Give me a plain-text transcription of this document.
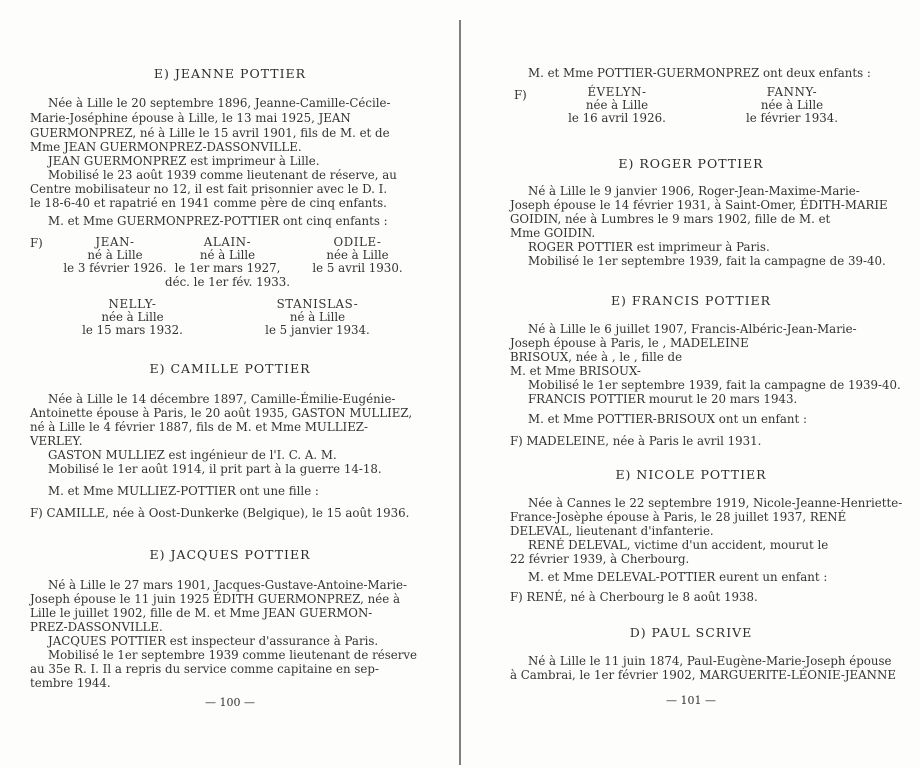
E) JEANNE POTTIER
Née à Lille le 20 septembre 1896, Jeanne-Camille-Cécile-
Marie-Joséphine épouse à Lille, le 13 mai 1925, JEAN
GUERMONPREZ, né à Lille le 15 avril 1901, fils de M. et de
Mme JEAN GUERMONPREZ-DASSONVILLE.
JEAN GUERMONPREZ est imprimeur à Lille.
Mobilisé le 23 août 1939 comme lieutenant de réserve, au
Centre mobilisateur no 12, il est fait prisonnier avec le D. I.
le 18-6-40 et rapatrié en 1941 comme père de cinq enfants.
M. et Mme GUERMONPREZ-POTTIER ont cinq enfants :
F)	JEAN-
né à Lille
le 3 février 1926.
ALAIN-
né à Lille
le 1er mars 1927,
déc. le 1er fév. 1933.
ODILE-
née à Lille
le 5 avril 1930.
NELLY-
née à Lille
le 15 mars 1932.
STANISLAS-
né à Lille
le 5 janvier 1934.
E) CAMILLE POTTIER
Née à Lille le 14 décembre 1897, Camille-Émilie-Eugénie-
Antoinette épouse à Paris, le 20 août 1935, GASTON MULLIEZ,
né à Lille le 4 février 1887, fils de M. et Mme MULLIEZ-
VERLEY.
GASTON MULLIEZ est ingénieur de l'I. C. A. M.
Mobilisé le 1er août 1914, il prit part à la guerre 14-18.
M. et Mme MULLIEZ-POTTIER ont une fille :
F) CAMILLE, née à Oost-Dunkerke (Belgique), le 15 août 1936.
E) JACQUES POTTIER
Né à Lille le 27 mars 1901, Jacques-Gustave-Antoine-Marie-
Joseph épouse le 11 juin 1925 ÉDITH GUERMONPREZ, née à
Lille le juillet 1902, fille de M. et Mme JEAN GUERMON-
PREZ-DASSONVILLE.
JACQUES POTTIER est inspecteur d'assurance à Paris.
Mobilisé le 1er septembre 1939 comme lieutenant de réserve
au 35e R. I. Il a repris du service comme capitaine en sep-
tembre 1944.
— 100 —
M. et Mme POTTIER-GUERMONPREZ ont deux enfants :
F)	ÉVELYN-
née à Lille
le 16 avril 1926.
FANNY-
née à Lille
le février 1934.
E) ROGER POTTIER
Né à Lille le 9 janvier 1906, Roger-Jean-Maxime-Marie-
Joseph épouse le 14 février 1931, à Saint-Omer, ÉDITH-MARIE
GOIDIN, née à Lumbres le 9 mars 1902, fille de M. et
Mme GOIDIN.
ROGER POTTIER est imprimeur à Paris.
Mobilisé le 1er septembre 1939, fait la campagne de 39-40.
E) FRANCIS POTTIER
Né à Lille le 6 juillet 1907, Francis-Albéric-Jean-Marie-
Joseph épouse à Paris, le , MADELEINE
BRISOUX, née à , le , fille de
M. et Mme BRISOUX-
Mobilisé le 1er septembre 1939, fait la campagne de 1939-40.
FRANCIS POTTIER mourut le 20 mars 1943.
M. et Mme POTTIER-BRISOUX ont un enfant :
F) MADELEINE, née à Paris le avril 1931.
E) NICOLE POTTIER
Née à Cannes le 22 septembre 1919, Nicole-Jeanne-Henriette-
France-Josèphe épouse à Paris, le 28 juillet 1937, RENÉ
DELEVAL, lieutenant d'infanterie.
RENÉ DELEVAL, victime d'un accident, mourut le
22 février 1939, à Cherbourg.
M. et Mme DELEVAL-POTTIER eurent un enfant :
F) RENÉ, né à Cherbourg le 8 août 1938.
D) PAUL SCRIVE
Né à Lille le 11 juin 1874, Paul-Eugène-Marie-Joseph épouse
à Cambrai, le 1er février 1902, MARGUERITE-LÉONIE-JEANNE
— 101 —
